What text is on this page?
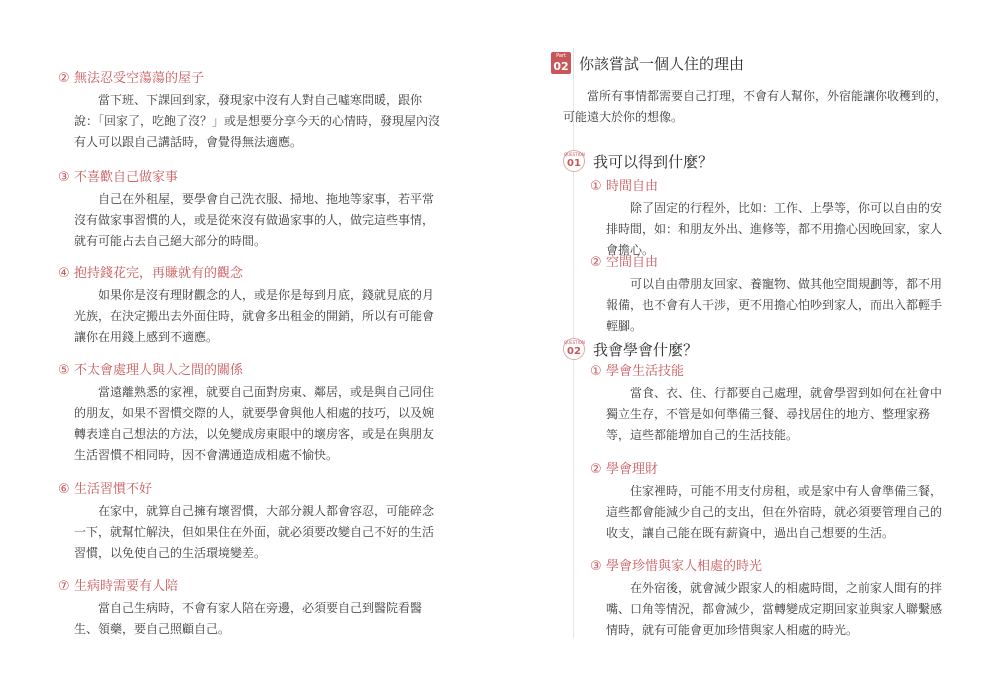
② 無法忍受空蕩蕩的屋子
當下班、下課回到家，發現家中沒有人對自己噓寒問暖，跟你說：「回家了，吃飽了沒？」或是想要分享今天的心情時，發現屋內沒有人可以跟自己講話時，會覺得無法適應。
③ 不喜歡自己做家事
自己在外租屋，要學會自己洗衣服、掃地、拖地等家事，若平常沒有做家事習慣的人，或是從來沒有做過家事的人，做完這些事情，就有可能占去自己絕大部分的時間。
④ 抱持錢花完，再賺就有的觀念
如果你是沒有理財觀念的人，或是你是每到月底，錢就見底的月光族，在決定搬出去外面住時，就會多出租金的開銷，所以有可能會讓你在用錢上感到不適應。
⑤ 不太會處理人與人之間的關係
當遠離熟悉的家裡，就要自己面對房東、鄰居，或是與自己同住的朋友，如果不習慣交際的人，就要學會與他人相處的技巧，以及婉轉表達自己想法的方法，以免變成房東眼中的壞房客，或是在與朋友生活習慣不相同時，因不會溝通造成相處不愉快。
⑥ 生活習慣不好
在家中，就算自己擁有壞習慣，大部分親人都會容忍，可能碎念一下，就幫忙解決，但如果住在外面，就必須要改變自己不好的生活習慣，以免使自己的生活環境變差。
⑦ 生病時需要有人陪
當自己生病時，不會有家人陪在旁邊，必須要自己到醫院看醫生、領藥，要自己照顧自己。
Part
02 你該嘗試一個人住的理由
當所有事情都需要自己打理，不會有人幫你，外宿能讓你收穫到的，可能遠大於你的想像。
QUESTION
01 我可以得到什麼？
① 時間自由
除了固定的行程外，比如：工作、上學等，你可以自由的安排時間，如：和朋友外出、進修等，都不用擔心因晚回家，家人會擔心。
② 空間自由
可以自由帶朋友回家、養寵物、做其他空間規劃等，都不用報備，也不會有人干涉，更不用擔心怕吵到家人，而出入都輕手輕腳。
QUESTION
02 我會學會什麼？
① 學會生活技能
當食、衣、住、行都要自己處理，就會學習到如何在社會中獨立生存，不管是如何準備三餐、尋找居住的地方、整理家務等，這些都能增加自己的生活技能。
② 學會理財
住家裡時，可能不用支付房租，或是家中有人會準備三餐，這些都會能減少自己的支出，但在外宿時，就必須要管理自己的收支，讓自己能在既有薪資中，過出自己想要的生活。
③ 學會珍惜與家人相處的時光
在外宿後，就會減少跟家人的相處時間，之前家人間有的拌嘴、口角等情況，都會減少，當轉變成定期回家並與家人聯繫感情時，就有可能會更加珍惜與家人相處的時光。
